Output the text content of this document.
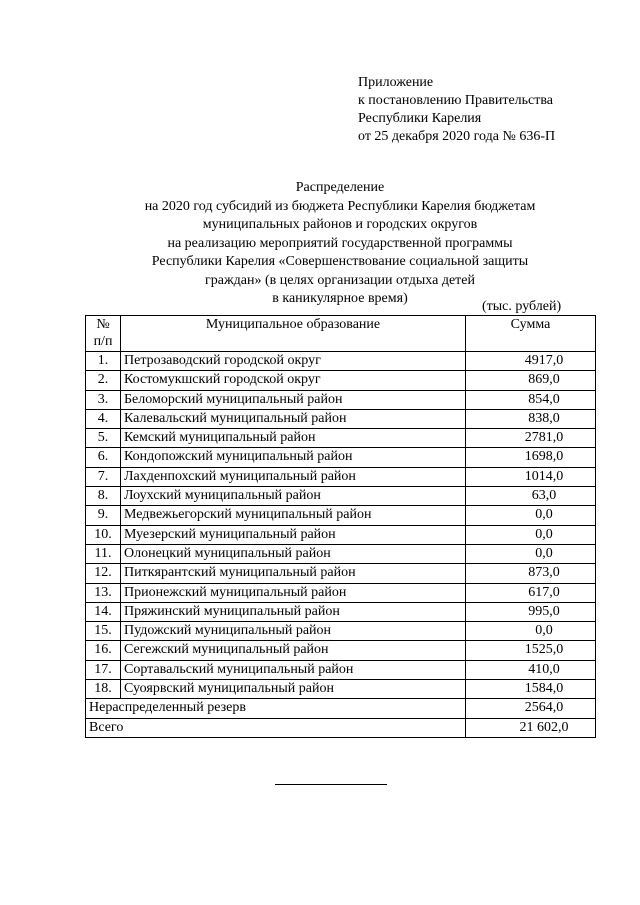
Приложение
к постановлению Правительства
Республики Карелия
от 25 декабря 2020 года № 636-П
Распределение
на 2020 год субсидий из бюджета Республики Карелия бюджетам
муниципальных районов и городских округов
на реализацию мероприятий государственной программы
Республики Карелия «Совершенствование социальной защиты
граждан» (в целях организации отдыха детей
в каникулярное время)
(тыс. рублей)
№
п/п	Муниципальное образование	Сумма
1.	Петрозаводский городской округ	4917,0
2.	Костомукшский городской округ	869,0
3.	Беломорский муниципальный район	854,0
4.	Калевальский муниципальный район	838,0
5.	Кемский муниципальный район	2781,0
6.	Кондопожский муниципальный район	1698,0
7.	Лахденпохский муниципальный район	1014,0
8.	Лоухский муниципальный район	63,0
9.	Медвежьегорский муниципальный район	0,0
10.	Муезерский муниципальный район	0,0
11.	Олонецкий муниципальный район	0,0
12.	Питкярантский муниципальный район	873,0
13.	Прионежский муниципальный район	617,0
14.	Пряжинский муниципальный район	995,0
15.	Пудожский муниципальный район	0,0
16.	Сегежский муниципальный район	1525,0
17.	Сортавальский муниципальный район	410,0
18.	Суоярвский муниципальный район	1584,0
Нераспределенный резерв		2564,0
Всего		21 602,0
